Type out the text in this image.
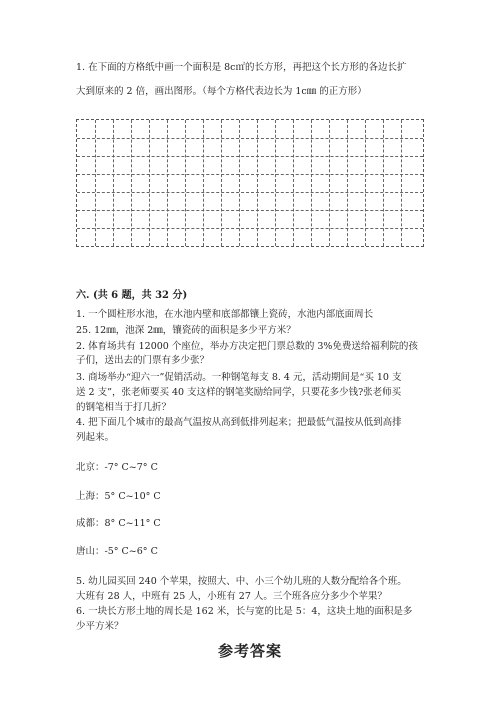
1. 在下面的方格纸中画一个面积是 8c㎡的长方形，再把这个长方形的各边长扩
大到原来的 2 倍，画出图形。（每个方格代表边长为 1c㎜ 的正方形）
六. (共 6 题，共 32 分)
1. 一个圆柱形水池，在水池内壁和底部都镶上瓷砖，水池内部底面周长
25. 12㎜，池深 2㎜，镶瓷砖的面积是多少平方米？
2. 体育场共有 12000 个座位，举办方决定把门票总数的 3%免费送给福利院的孩
子们，送出去的门票有多少张？
3. 商场举办“迎六一”促销活动。一种钢笔每支 8. 4 元，活动期间是“买 10 支
送 2 支”，张老师要买 40 支这样的钢笔奖励给同学，只要花多少钱?张老师买
的钢笔相当于打几折？
4. 把下面几个城市的最高气温按从高到低排列起来；把最低气温按从低到高排
列起来。
北京：-7° C~7° C
上海：5° C~10° C
成都：8° C~11° C
唐山：-5° C~6° C
5. 幼儿园买回 240 个苹果，按照大、中、小三个幼儿班的人数分配给各个班。
大班有 28 人，中班有 25 人，小班有 27 人。三个班各应分多少个苹果？
6. 一块长方形土地的周长是 162 米，长与宽的比是 5：4，这块土地的面积是多
少平方米？
参考答案
